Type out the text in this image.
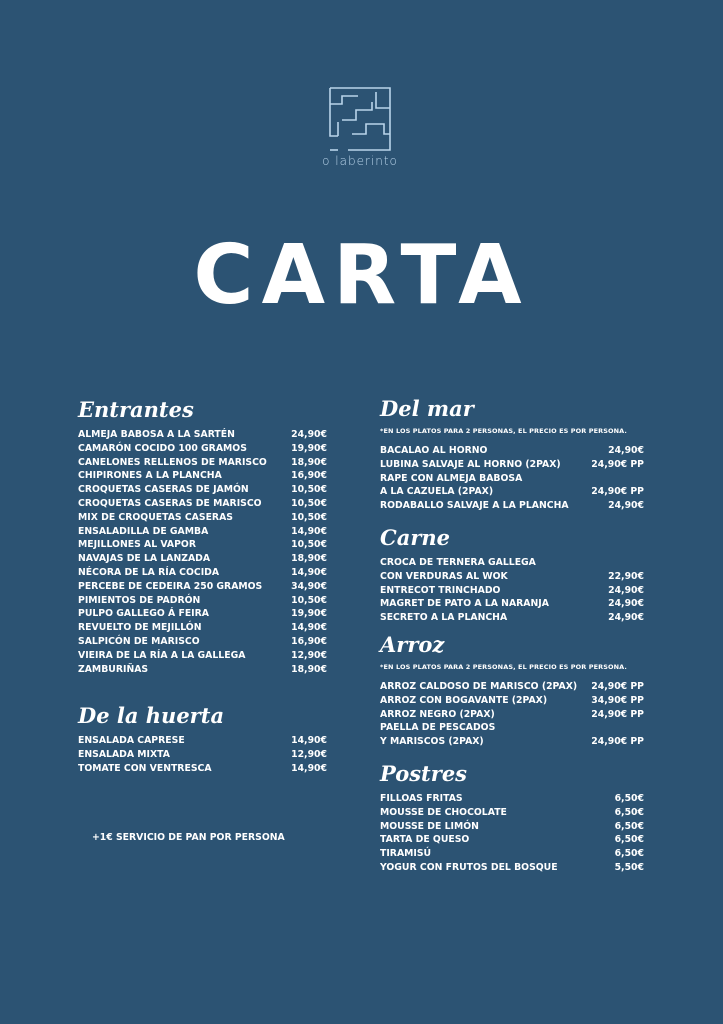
o laberinto
CARTA
Entrantes
ALMEJA BABOSA A LA SARTÉN	24,90€
CAMARÓN COCIDO 100 GRAMOS	19,90€
CANELONES RELLENOS DE MARISCO	18,90€
CHIPIRONES A LA PLANCHA	16,90€
CROQUETAS CASERAS DE JAMÓN	10,50€
CROQUETAS CASERAS DE MARISCO	10,50€
MIX DE CROQUETAS CASERAS	10,50€
ENSALADILLA DE GAMBA	14,90€
MEJILLONES AL VAPOR	10,50€
NAVAJAS DE LA LANZADA	18,90€
NÉCORA DE LA RÍA COCIDA	14,90€
PERCEBE DE CEDEIRA 250 GRAMOS	34,90€
PIMIENTOS DE PADRÓN	10,50€
PULPO GALLEGO Á FEIRA	19,90€
REVUELTO DE MEJILLÓN	14,90€
SALPICÓN DE MARISCO	16,90€
VIEIRA DE LA RÍA A LA GALLEGA	12,90€
ZAMBURIÑAS	18,90€
De la huerta
ENSALADA CAPRESE	14,90€
ENSALADA MIXTA	12,90€
TOMATE CON VENTRESCA	14,90€
+1€ SERVICIO DE PAN POR PERSONA
Del mar
*EN LOS PLATOS PARA 2 PERSONAS, EL PRECIO ES POR PERSONA.
BACALAO AL HORNO	24,90€
LUBINA SALVAJE AL HORNO (2PAX)	24,90€ PP
RAPE CON ALMEJA BABOSA
A LA CAZUELA (2PAX)	24,90€ PP
RODABALLO SALVAJE A LA PLANCHA	24,90€
Carne
CROCA DE TERNERA GALLEGA
CON VERDURAS AL WOK	22,90€
ENTRECOT TRINCHADO	24,90€
MAGRET DE PATO A LA NARANJA	24,90€
SECRETO A LA PLANCHA	24,90€
Arroz
*EN LOS PLATOS PARA 2 PERSONAS, EL PRECIO ES POR PERSONA.
ARROZ CALDOSO DE MARISCO (2PAX) 24,90€ PP
ARROZ CON BOGAVANTE (2PAX)	34,90€ PP
ARROZ NEGRO (2PAX)	24,90€ PP
PAELLA DE PESCADOS
Y MARISCOS (2PAX)	24,90€ PP
Postres
FILLOAS FRITAS	6,50€
MOUSSE DE CHOCOLATE	6,50€
MOUSSE DE LIMÓN	6,50€
TARTA DE QUESO	6,50€
TIRAMISÚ	6,50€
YOGUR CON FRUTOS DEL BOSQUE	5,50€
